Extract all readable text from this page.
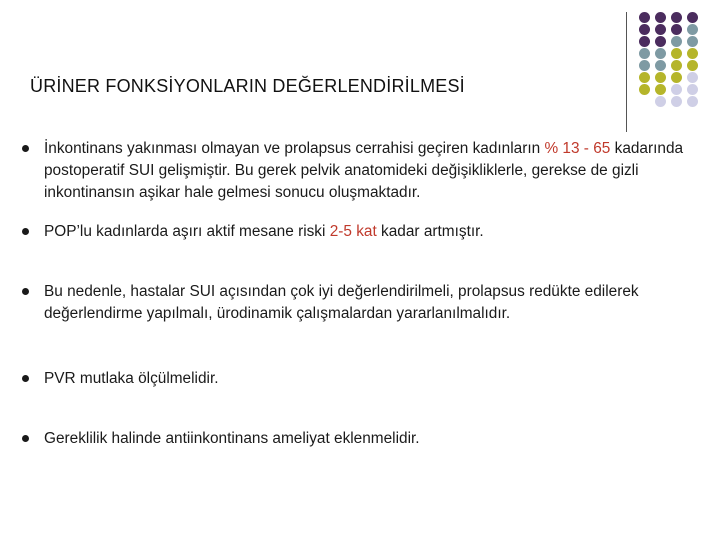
ÜRİNER FONKSİYONLARIN DEĞERLENDİRİLMESİ
İnkontinans yakınması olmayan ve prolapsus cerrahisi geçiren kadınların % 13 - 65 kadarında postoperatif SUI gelişmiştir. Bu gerek pelvik anatomideki değişikliklerle, gerekse de gizli inkontinansın aşikar hale gelmesi sonucu oluşmaktadır.
POP’lu kadınlarda aşırı aktif mesane riski 2-5 kat kadar artmıştır.
Bu nedenle, hastalar SUI açısından çok iyi değerlendirilmeli, prolapsus redükte edilerek değerlendirme yapılmalı, ürodinamik çalışmalardan yararlanılmalıdır.
PVR mutlaka ölçülmelidir.
Gereklilik halinde antiinkontinans ameliyat eklenmelidir.
